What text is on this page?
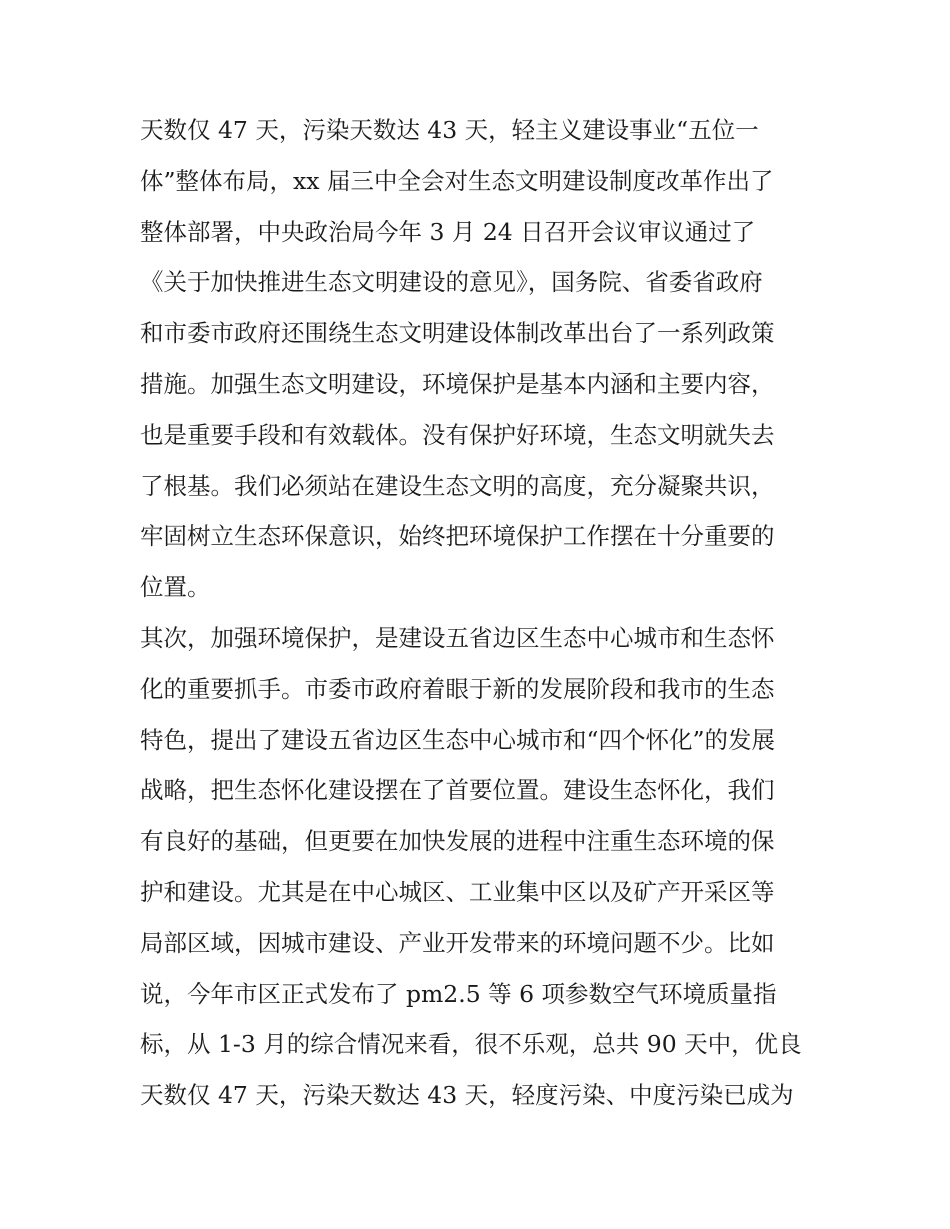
天数仅 47 天，污染天数达 43 天，轻主义建设事业“五位一
体”整体布局，xx 届三中全会对生态文明建设制度改革作出了
整体部署，中央政治局今年 3 月 24 日召开会议审议通过了
《关于加快推进生态文明建设的意见》，国务院、省委省政府
和市委市政府还围绕生态文明建设体制改革出台了一系列政策
措施。加强生态文明建设，环境保护是基本内涵和主要内容，
也是重要手段和有效载体。没有保护好环境，生态文明就失去
了根基。我们必须站在建设生态文明的高度，充分凝聚共识，
牢固树立生态环保意识，始终把环境保护工作摆在十分重要的
位置。
其次，加强环境保护，是建设五省边区生态中心城市和生态怀
化的重要抓手。市委市政府着眼于新的发展阶段和我市的生态
特色，提出了建设五省边区生态中心城市和“四个怀化”的发展
战略，把生态怀化建设摆在了首要位置。建设生态怀化，我们
有良好的基础，但更要在加快发展的进程中注重生态环境的保
护和建设。尤其是在中心城区、工业集中区以及矿产开采区等
局部区域，因城市建设、产业开发带来的环境问题不少。比如
说，今年市区正式发布了 pm2.5 等 6 项参数空气环境质量指
标，从 1-3 月的综合情况来看，很不乐观，总共 90 天中，优良
天数仅 47 天，污染天数达 43 天，轻度污染、中度污染已成为
